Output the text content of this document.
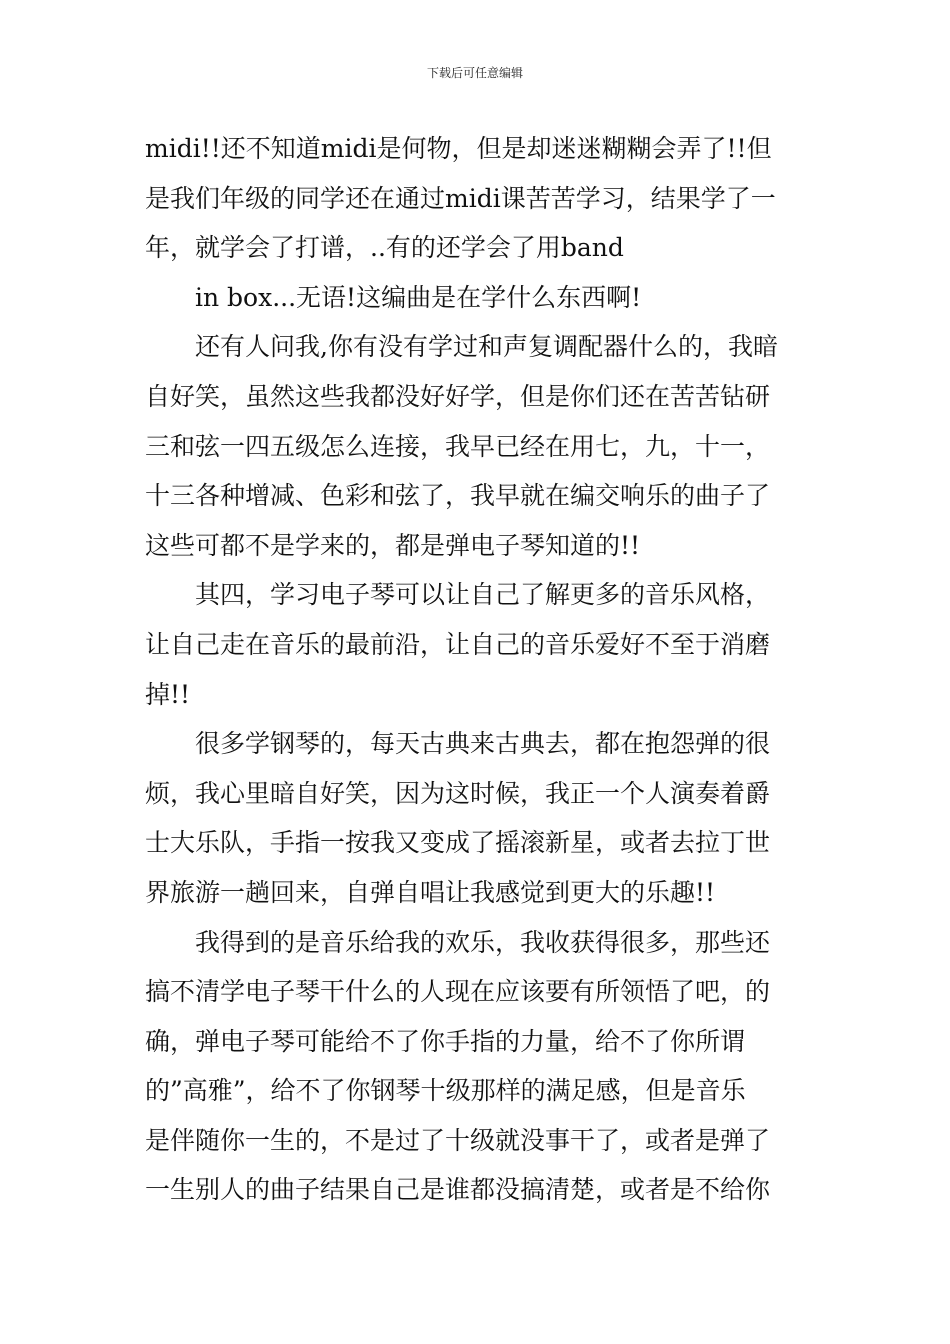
下载后可任意编辑

midi!!还不知道midi是何物，但是却迷迷糊糊会弄了!!但

是我们年级的同学还在通过midi课苦苦学习，结果学了一

年，就学会了打谱，..有的还学会了用band

in box...无语!这编曲是在学什么东西啊!

还有人问我,你有没有学过和声复调配器什么的，我暗

自好笑，虽然这些我都没好好学，但是你们还在苦苦钻研

三和弦一四五级怎么连接，我早已经在用七，九，十一，

十三各种增减、色彩和弦了，我早就在编交响乐的曲子了

这些可都不是学来的，都是弹电子琴知道的!!

其四，学习电子琴可以让自己了解更多的音乐风格，

让自己走在音乐的最前沿，让自己的音乐爱好不至于消磨

掉!!

很多学钢琴的，每天古典来古典去，都在抱怨弹的很

烦，我心里暗自好笑，因为这时候，我正一个人演奏着爵

士大乐队，手指一按我又变成了摇滚新星，或者去拉丁世

界旅游一趟回来，自弹自唱让我感觉到更大的乐趣!!

我得到的是音乐给我的欢乐，我收获得很多，那些还

搞不清学电子琴干什么的人现在应该要有所领悟了吧，的

确，弹电子琴可能给不了你手指的力量，给不了你所谓

的”高雅”，给不了你钢琴十级那样的满足感，但是音乐

是伴随你一生的，不是过了十级就没事干了，或者是弹了

一生别人的曲子结果自己是谁都没搞清楚，或者是不给你
